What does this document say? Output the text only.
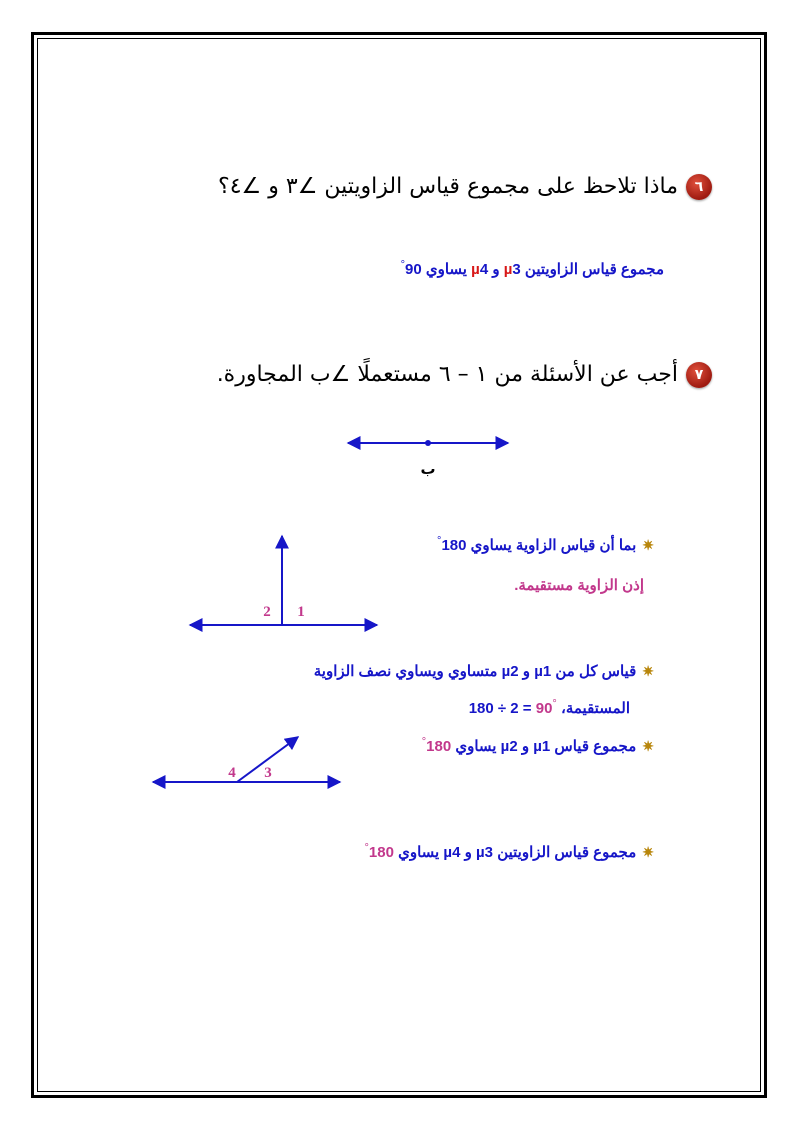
٦ماذا تلاحظ على مجموع قياس الزاويتين ∠٣ و ∠٤؟
مجموع قياس الزاويتين µ3 و µ4 يساوي 90°
٧أجب عن الأسئلة من ١ – ٦ مستعملًا ∠ب المجاورة.
ب
2 1
4 3
✷بما أن قياس الزاوية يساوي 180°
إذن الزاوية مستقيمة.
✷قياس كل من µ1 و µ2 متساوي ويساوي نصف الزاوية
المستقيمة، 180 ÷ 2 = 90°
✷مجموع قياس µ1 و µ2 يساوي 180°
✷مجموع قياس الزاويتين µ3 و µ4 يساوي 180°
